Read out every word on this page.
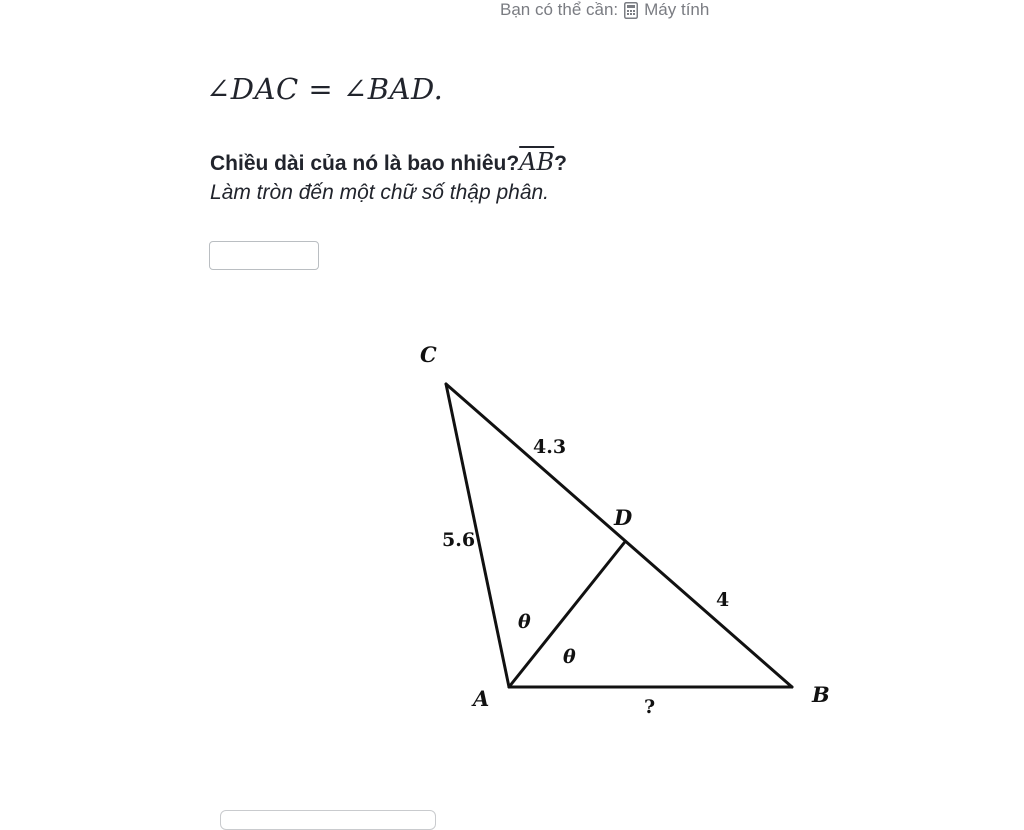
Bạn có thể cần: Máy tính
∠DAC = ∠BAD.
Chiều dài của nó là bao $nhiêu?\overline{AB}$?
Làm tròn đến một chữ số thập phân.
C
D
A	B
4.3
5.6
4
?
θ
θ
